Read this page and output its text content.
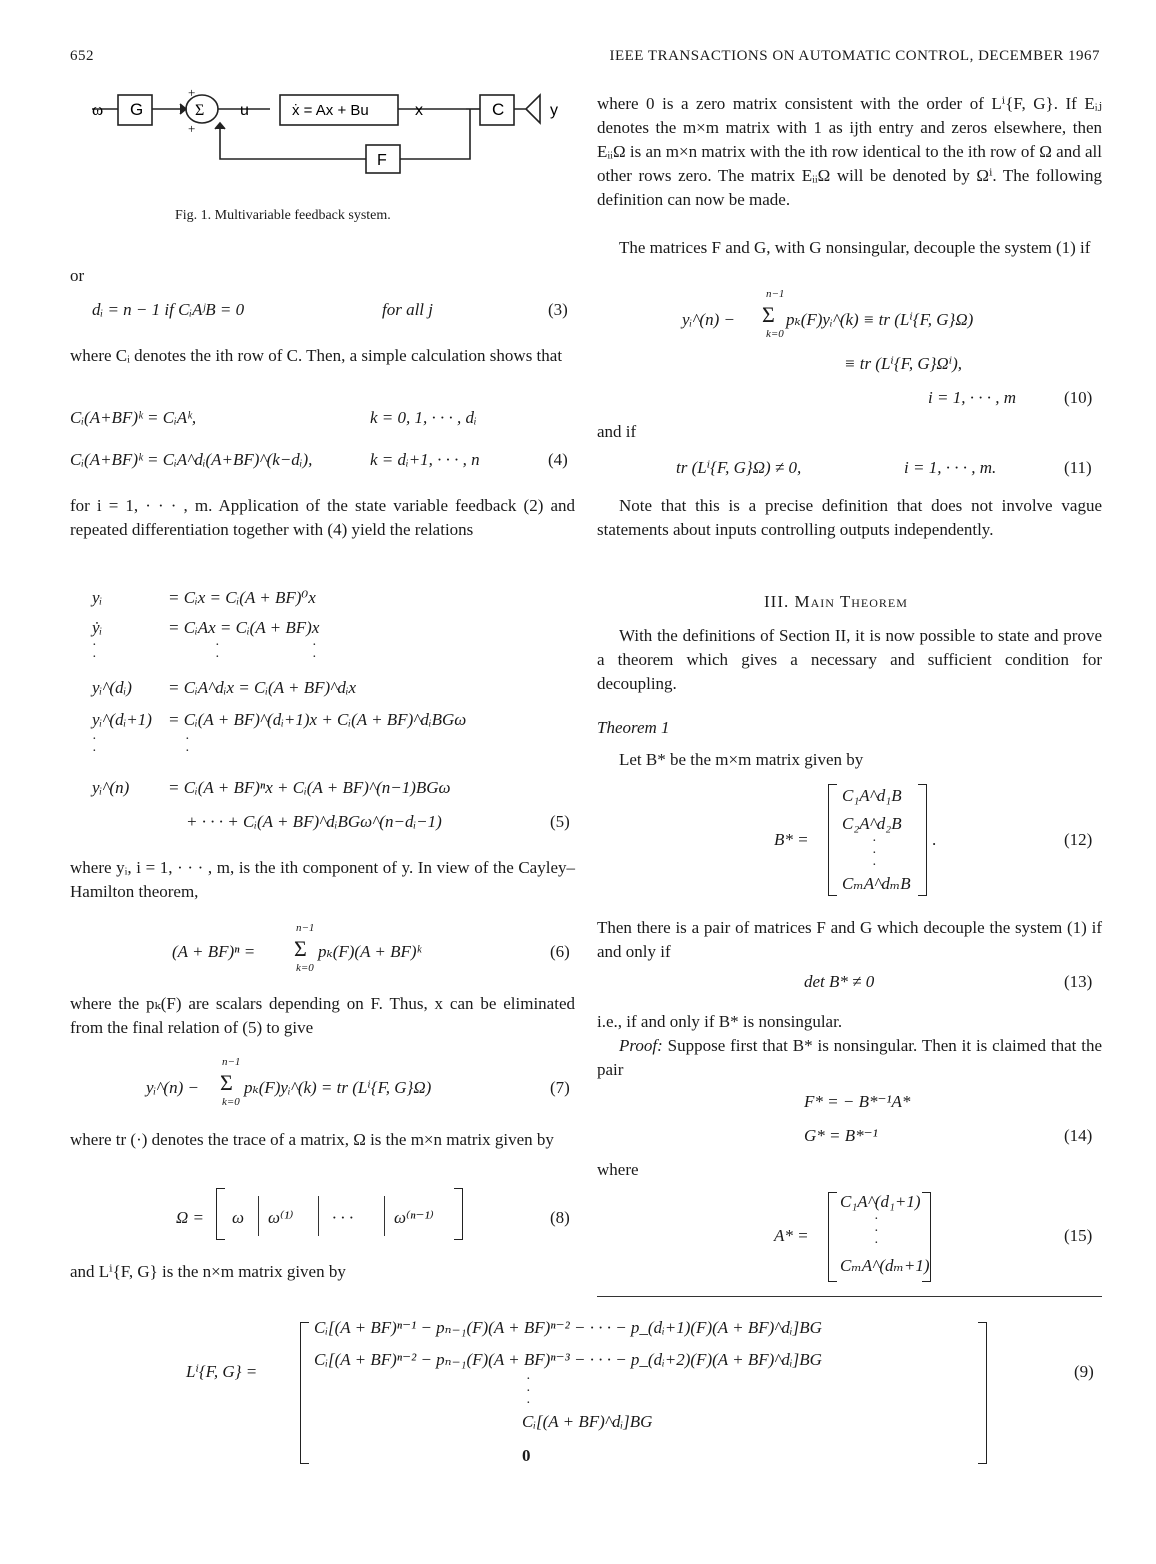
652	IEEE TRANSACTIONS ON AUTOMATIC CONTROL, DECEMBER 1967
ω G	Σ
+
+
u	ẋ = Ax + Bu	x	C	y
F
Fig. 1. Multivariable feedback system.
or
dᵢ = n − 1 if CᵢAʲB = 0	for all j	(3)

where Cᵢ denotes the ith row of C. Then, a simple calculation shows that

Cᵢ(A+BF)ᵏ = CᵢAᵏ,	k = 0, 1, · · · , dᵢ
Cᵢ(A+BF)ᵏ = CᵢA^dᵢ(A+BF)^(k−dᵢ),	k = dᵢ+1, · · · , n	(4)

for i = 1, · · · , m. Application of the state variable feedback (2) and repeated differentiation together with (4) yield the relations

yᵢ	= Cᵢx = Cᵢ(A + BF)⁰x
ẏᵢ	= CᵢAx = Cᵢ(A + BF)x
·
·
·
·
·
·
yᵢ^(dᵢ) = CᵢA^dᵢx = Cᵢ(A + BF)^dᵢx
yᵢ^(dᵢ+1) = Cᵢ(A + BF)^(dᵢ+1)x + Cᵢ(A + BF)^dᵢBGω
·
·
·
·
yᵢ^(n) = Cᵢ(A + BF)ⁿx + Cᵢ(A + BF)^(n−1)BGω
+ · · · + Cᵢ(A + BF)^dᵢBGω^(n−dᵢ−1)	(5)

where yᵢ, i = 1, · · · , m, is the ith component of y. In view of the Cayley–Hamilton theorem,

(A + BF)ⁿ =
n−1
Σ
k=0
pₖ(F)(A + BF)ᵏ	(6)

where the pₖ(F) are scalars depending on F. Thus, x can be eliminated from the final relation of (5) to give

yᵢ^(n) −
n−1
Σ
k=0
pₖ(F)yᵢ^(k) = tr (Lⁱ{F, G}Ω)	(7)

where tr (·) denotes the trace of a matrix, Ω is the m×n matrix given by

Ω = ω ω⁽¹⁾ · · · ω⁽ⁿ⁻¹⁾	(8)

and Lⁱ{F, G} is the n×m matrix given by

where 0 is a zero matrix consistent with the order of Lⁱ{F, G}. If Eᵢⱼ denotes the m×m matrix with 1 as ijth entry and zeros elsewhere, then EᵢᵢΩ is an m×n matrix with the ith row identical to the ith row of Ω and all other rows zero. The matrix EᵢᵢΩ will be denoted by Ωⁱ. The following definition can now be made.

The matrices F and G, with G nonsingular, decouple the system (1) if

yᵢ^(n) −
n−1
Σ
k=0
pₖ(F)yᵢ^(k) ≡ tr (Lⁱ{F, G}Ω)
≡ tr (Lⁱ{F, G}Ωⁱ),
i = 1, · · · , m	(10)
and if
tr (Lⁱ{F, G}Ω) ≠ 0,	i = 1, · · · , m.	(11)

Note that this is a precise definition that does not involve vague statements about inputs controlling outputs independently.

III. Main Theorem

With the definitions of Section II, it is now possible to state and prove a theorem which gives a necessary and sufficient condition for decoupling.

Theorem 1

Let B* be the m×m matrix given by

B* =
C₁A^d₁B
C₂A^d₂B
·
·
·
CₘA^dₘB
.	(12)

Then there is a pair of matrices F and G which decouple the system (1) if and only if

det B* ≠ 0	(13)

i.e., if and only if B* is nonsingular.

Proof: Suppose first that B* is nonsingular. Then it is claimed that the pair
F* = − B*⁻¹A*
G* = B*⁻¹	(14)
where
A* =
C₁A^(d₁+1)
·
·
·
CₘA^(dₘ+1)
(15)
Lⁱ{F, G} =
Cᵢ[(A + BF)ⁿ⁻¹ − pₙ₋₁(F)(A + BF)ⁿ⁻² − · · · − p_(dᵢ+1)(F)(A + BF)^dᵢ]BG
Cᵢ[(A + BF)ⁿ⁻² − pₙ₋₁(F)(A + BF)ⁿ⁻³ − · · · − p_(dᵢ+2)(F)(A + BF)^dᵢ]BG
·
·
·
Cᵢ[(A + BF)^dᵢ]BG
0
(9)
